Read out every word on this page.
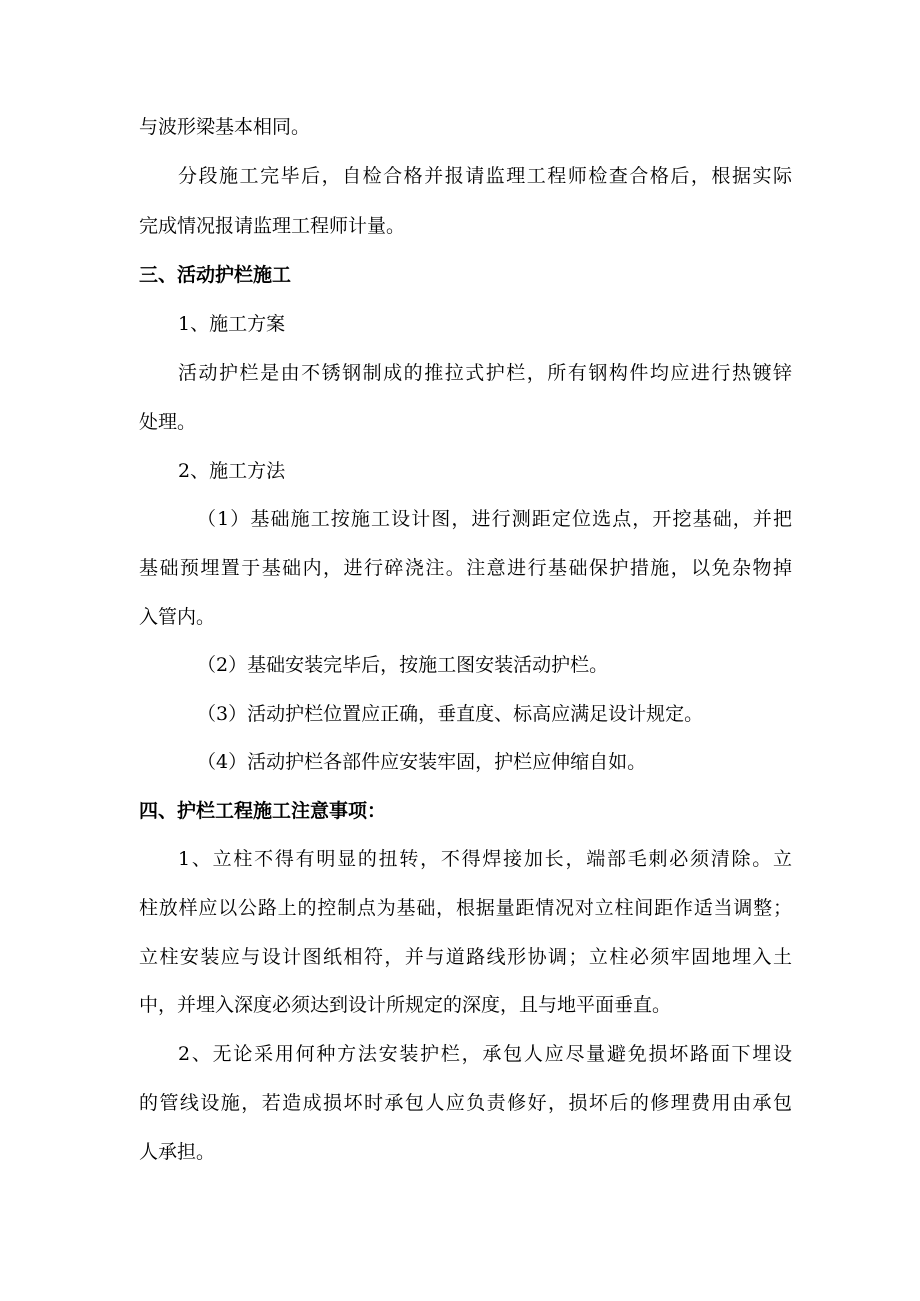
与波形梁基本相同。

分段施工完毕后，自检合格并报请监理工程师检查合格后，根据实际

完成情况报请监理工程师计量。

三、活动护栏施工

1、施工方案

活动护栏是由不锈钢制成的推拉式护栏，所有钢构件均应进行热镀锌

处理。

2、施工方法

（1）基础施工按施工设计图，进行测距定位选点，开挖基础，并把

基础预埋置于基础内，进行碎浇注。注意进行基础保护措施，以免杂物掉

入管内。

（2）基础安装完毕后，按施工图安装活动护栏。

（3）活动护栏位置应正确，垂直度、标高应满足设计规定。

（4）活动护栏各部件应安装牢固，护栏应伸缩自如。

四、护栏工程施工注意事项：

1、立柱不得有明显的扭转，不得焊接加长，端部毛刺必须清除。立

柱放样应以公路上的控制点为基础，根据量距情况对立柱间距作适当调整；

立柱安装应与设计图纸相符，并与道路线形协调；立柱必须牢固地埋入土

中，并埋入深度必须达到设计所规定的深度，且与地平面垂直。

2、无论采用何种方法安装护栏，承包人应尽量避免损坏路面下埋设

的管线设施，若造成损坏时承包人应负责修好，损坏后的修理费用由承包

人承担。
